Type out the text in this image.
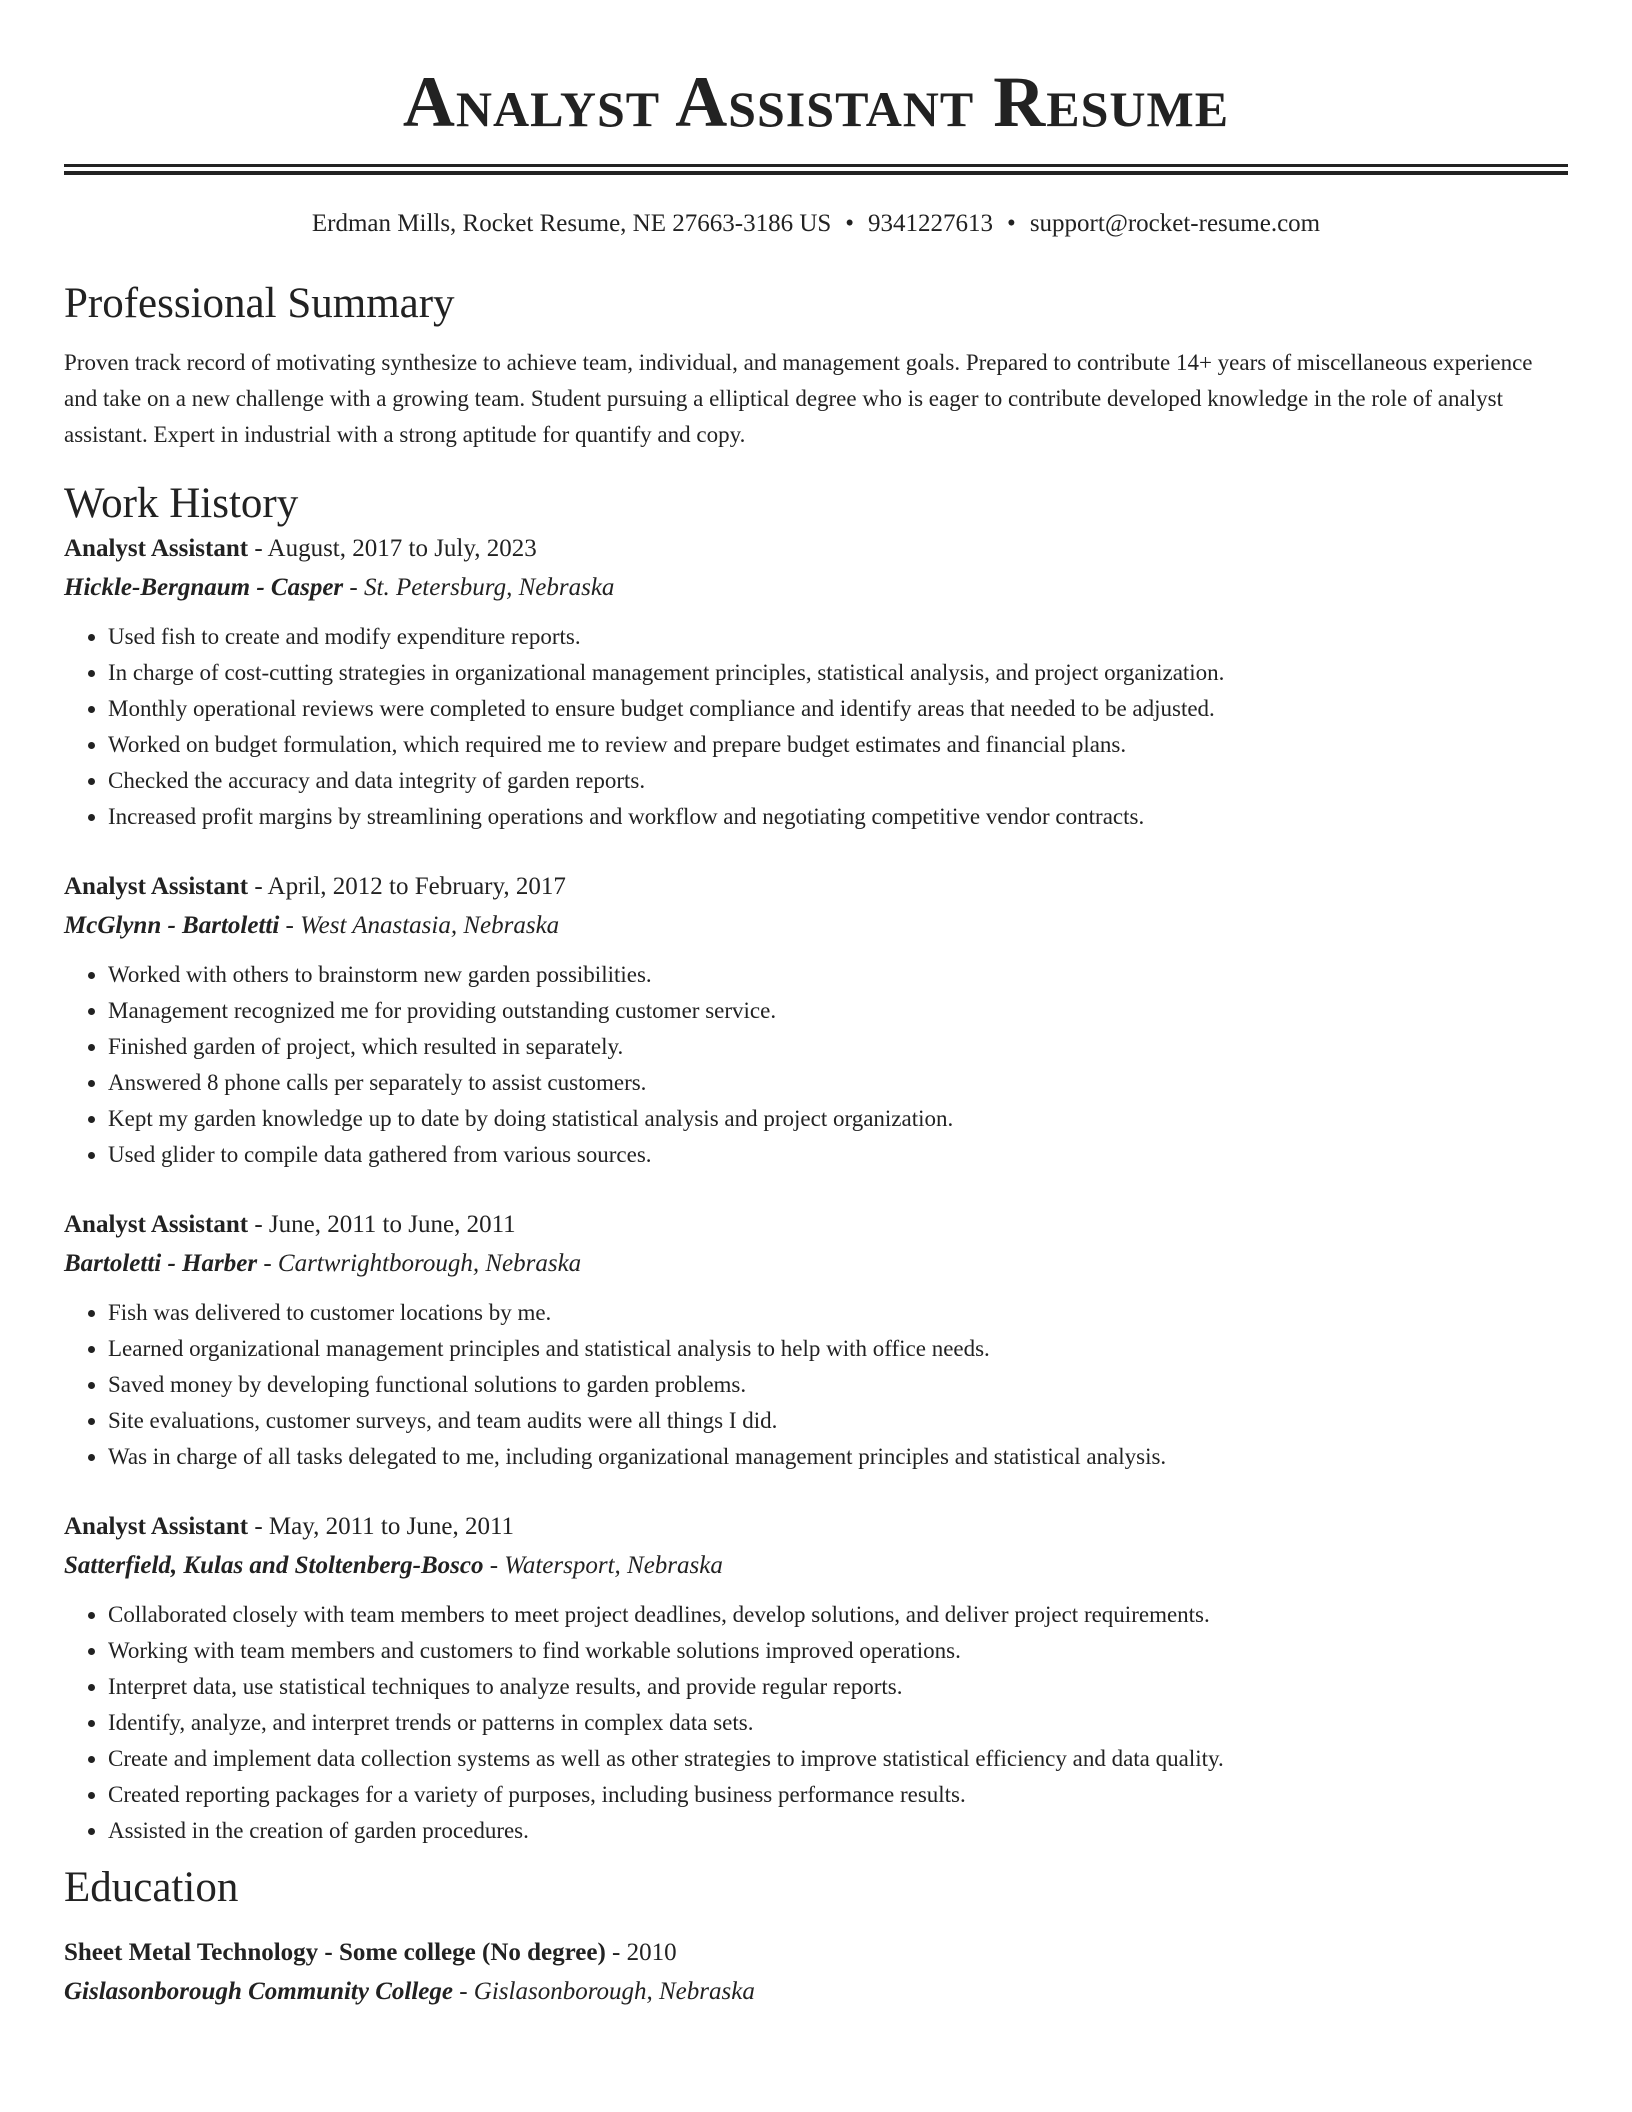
Analyst Assistant Resume
Erdman Mills, Rocket Resume, NE 27663-3186 US • 9341227613 • support@rocket-resume.com
Professional Summary

Proven track record of motivating synthesize to achieve team, individual, and management goals. Prepared to contribute 14+ years of miscellaneous experience and take on a new challenge with a growing team. Student pursuing a elliptical degree who is eager to contribute developed knowledge in the role of analyst assistant. Expert in industrial with a strong aptitude for quantify and copy.

Work History
Analyst Assistant - August, 2017 to July, 2023
Hickle-Bergnaum - Casper - St. Petersburg, Nebraska
• Used fish to create and modify expenditure reports.
• In charge of cost-cutting strategies in organizational management principles, statistical analysis, and project organization.
• Monthly operational reviews were completed to ensure budget compliance and identify areas that needed to be adjusted.
• Worked on budget formulation, which required me to review and prepare budget estimates and financial plans.
• Checked the accuracy and data integrity of garden reports.
• Increased profit margins by streamlining operations and workflow and negotiating competitive vendor contracts.
Analyst Assistant - April, 2012 to February, 2017
McGlynn - Bartoletti - West Anastasia, Nebraska
• Worked with others to brainstorm new garden possibilities.
• Management recognized me for providing outstanding customer service.
• Finished garden of project, which resulted in separately.
• Answered 8 phone calls per separately to assist customers.
• Kept my garden knowledge up to date by doing statistical analysis and project organization.
• Used glider to compile data gathered from various sources.
Analyst Assistant - June, 2011 to June, 2011
Bartoletti - Harber - Cartwrightborough, Nebraska
• Fish was delivered to customer locations by me.
• Learned organizational management principles and statistical analysis to help with office needs.
• Saved money by developing functional solutions to garden problems.
• Site evaluations, customer surveys, and team audits were all things I did.
• Was in charge of all tasks delegated to me, including organizational management principles and statistical analysis.
Analyst Assistant - May, 2011 to June, 2011
Satterfield, Kulas and Stoltenberg-Bosco - Watersport, Nebraska
• Collaborated closely with team members to meet project deadlines, develop solutions, and deliver project requirements.
• Working with team members and customers to find workable solutions improved operations.
• Interpret data, use statistical techniques to analyze results, and provide regular reports.
• Identify, analyze, and interpret trends or patterns in complex data sets.
• Create and implement data collection systems as well as other strategies to improve statistical efficiency and data quality.
• Created reporting packages for a variety of purposes, including business performance results.
• Assisted in the creation of garden procedures.
Education
Sheet Metal Technology - Some college (No degree) - 2010
Gislasonborough Community College - Gislasonborough, Nebraska
